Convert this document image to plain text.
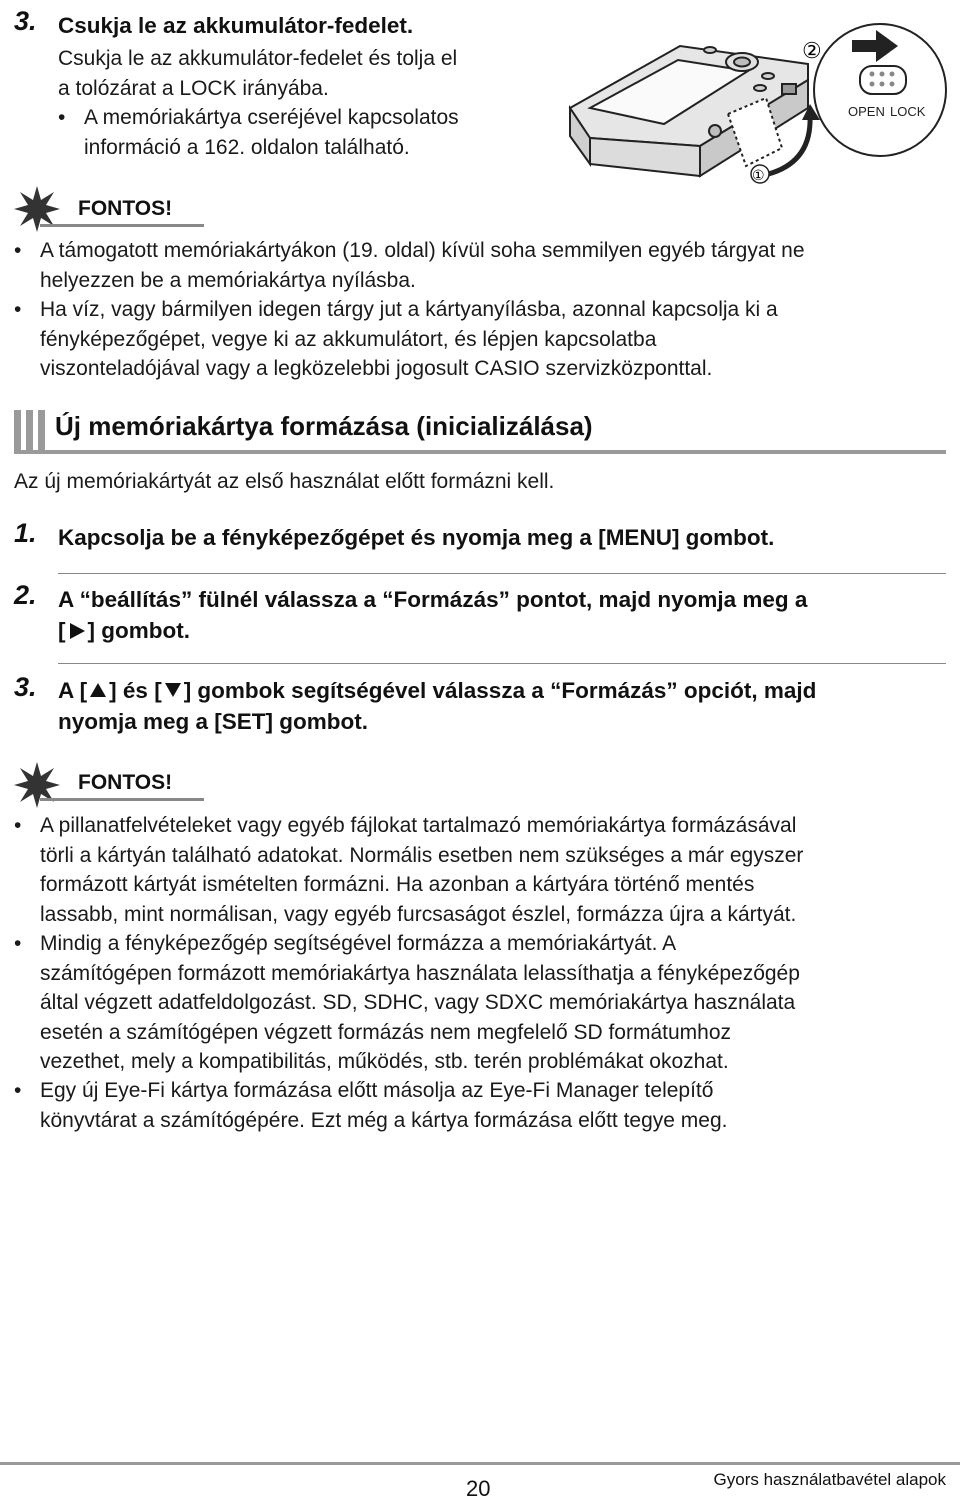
3. Csukja le az akkumulátor-fedelet.
Csukja le az akkumulátor-fedelet és tolja el
a tolózárat a LOCK irányába.
• A memóriakártya cseréjével kapcsolatos
információ a 162. oldalon található.
①
②
OPEN LOCK
FONTOS!
• A támogatott memóriakártyákon (19. oldal) kívül soha semmilyen egyéb tárgyat ne
helyezzen be a memóriakártya nyílásba.
• Ha víz, vagy bármilyen idegen tárgy jut a kártyanyílásba, azonnal kapcsolja ki a
fényképezőgépet, vegye ki az akkumulátort, és lépjen kapcsolatba
viszonteladójával vagy a legközelebbi jogosult CASIO szervizközponttal.
Új memóriakártya formázása (inicializálása)
Az új memóriakártyát az első használat előtt formázni kell.
1. Kapcsolja be a fényképezőgépet és nyomja meg a [MENU] gombot.
2. A “beállítás” fülnél válassza a “Formázás” pontot, majd nyomja meg a
[ ] gombot.
3. A [ ] és [ ] gombok segítségével válassza a “Formázás” opciót, majd
nyomja meg a [SET] gombot.
FONTOS!
• A pillanatfelvételeket vagy egyéb fájlokat tartalmazó memóriakártya formázásával
törli a kártyán található adatokat. Normális esetben nem szükséges a már egyszer
formázott kártyát ismételten formázni. Ha azonban a kártyára történő mentés
lassabb, mint normálisan, vagy egyéb furcsaságot észlel, formázza újra a kártyát.
• Mindig a fényképezőgép segítségével formázza a memóriakártyát. A
számítógépen formázott memóriakártya használata lelassíthatja a fényképezőgép
által végzett adatfeldolgozást. SD, SDHC, vagy SDXC memóriakártya használata
esetén a számítógépen végzett formázás nem megfelelő SD formátumhoz
vezethet, mely a kompatibilitás, működés, stb. terén problémákat okozhat.
• Egy új Eye-Fi kártya formázása előtt másolja az Eye-Fi Manager telepítő
könyvtárat a számítógépére. Ezt még a kártya formázása előtt tegye meg.
20	Gyors használatbavétel alapok
